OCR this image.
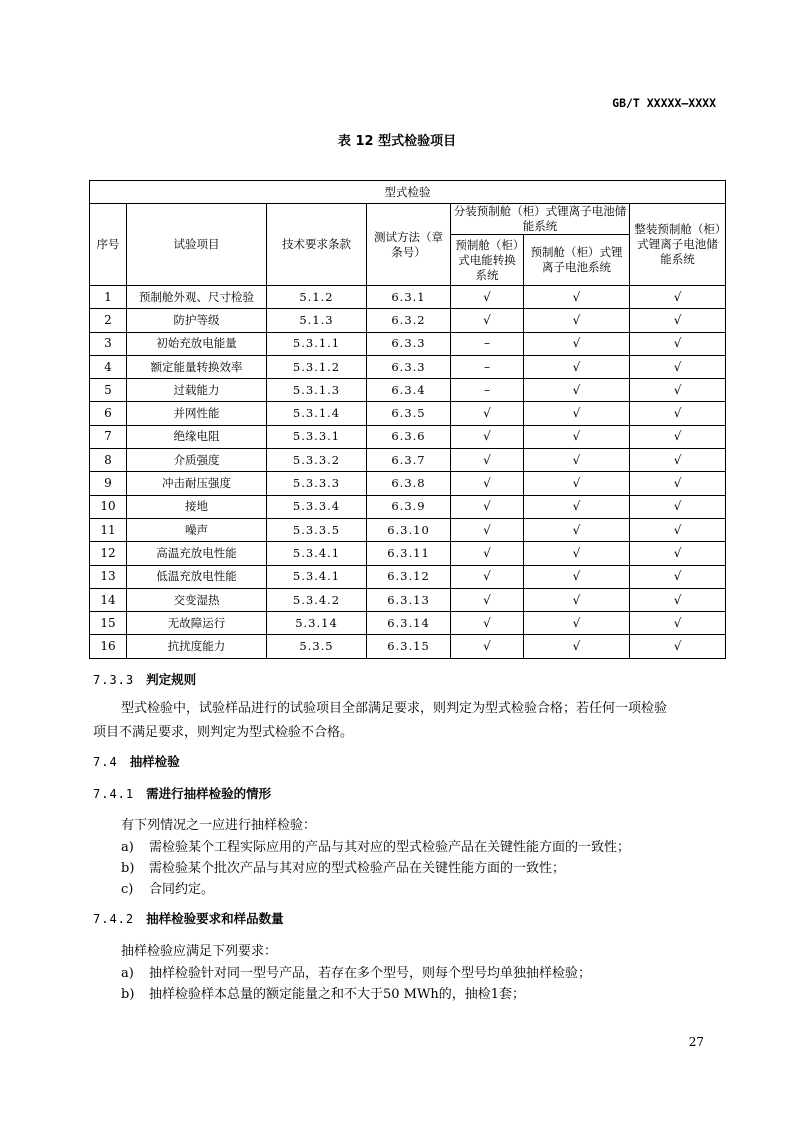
GB/T XXXXX—XXXX
表 12 型式检验项目
型式检验						
序号	试验项目	技术要求条款	测试方法（章条号）	分装预制舱（柜）式锂离子电池储能系统		整装预制舱（柜）式锂离子电池储能系统
				预制舱（柜）式电能转换系统	预制舱（柜）式锂离子电池系统	
1	预制舱外观、尺寸检验	5.1.2	6.3.1	√	√	√
2	防护等级	5.1.3	6.3.2	√	√	√
3	初始充放电能量	5.3.1.1	6.3.3	–	√	√
4	额定能量转换效率	5.3.1.2	6.3.3	–	√	√
5	过载能力	5.3.1.3	6.3.4	–	√	√
6	并网性能	5.3.1.4	6.3.5	√	√	√
7	绝缘电阻	5.3.3.1	6.3.6	√	√	√
8	介质强度	5.3.3.2	6.3.7	√	√	√
9	冲击耐压强度	5.3.3.3	6.3.8	√	√	√
10	接地	5.3.3.4	6.3.9	√	√	√
11	噪声	5.3.3.5	6.3.10	√	√	√
12	高温充放电性能	5.3.4.1	6.3.11	√	√	√
13	低温充放电性能	5.3.4.1	6.3.12	√	√	√
14	交变湿热	5.3.4.2	6.3.13	√	√	√
15	无故障运行	5.3.14	6.3.14	√	√	√
16	抗扰度能力	5.3.5	6.3.15	√	√	√
7.3.3 判定规则
型式检验中，试验样品进行的试验项目全部满足要求，则判定为型式检验合格；若任何一项检验
项目不满足要求，则判定为型式检验不合格。
7.4 抽样检验
7.4.1 需进行抽样检验的情形
有下列情况之一应进行抽样检验：
a) 需检验某个工程实际应用的产品与其对应的型式检验产品在关键性能方面的一致性；
b) 需检验某个批次产品与其对应的型式检验产品在关键性能方面的一致性；
c) 合同约定。
7.4.2 抽样检验要求和样品数量
抽样检验应满足下列要求：
a) 抽样检验针对同一型号产品，若存在多个型号，则每个型号均单独抽样检验；
b) 抽样检验样本总量的额定能量之和不大于50 MWh的，抽检1套；
27
